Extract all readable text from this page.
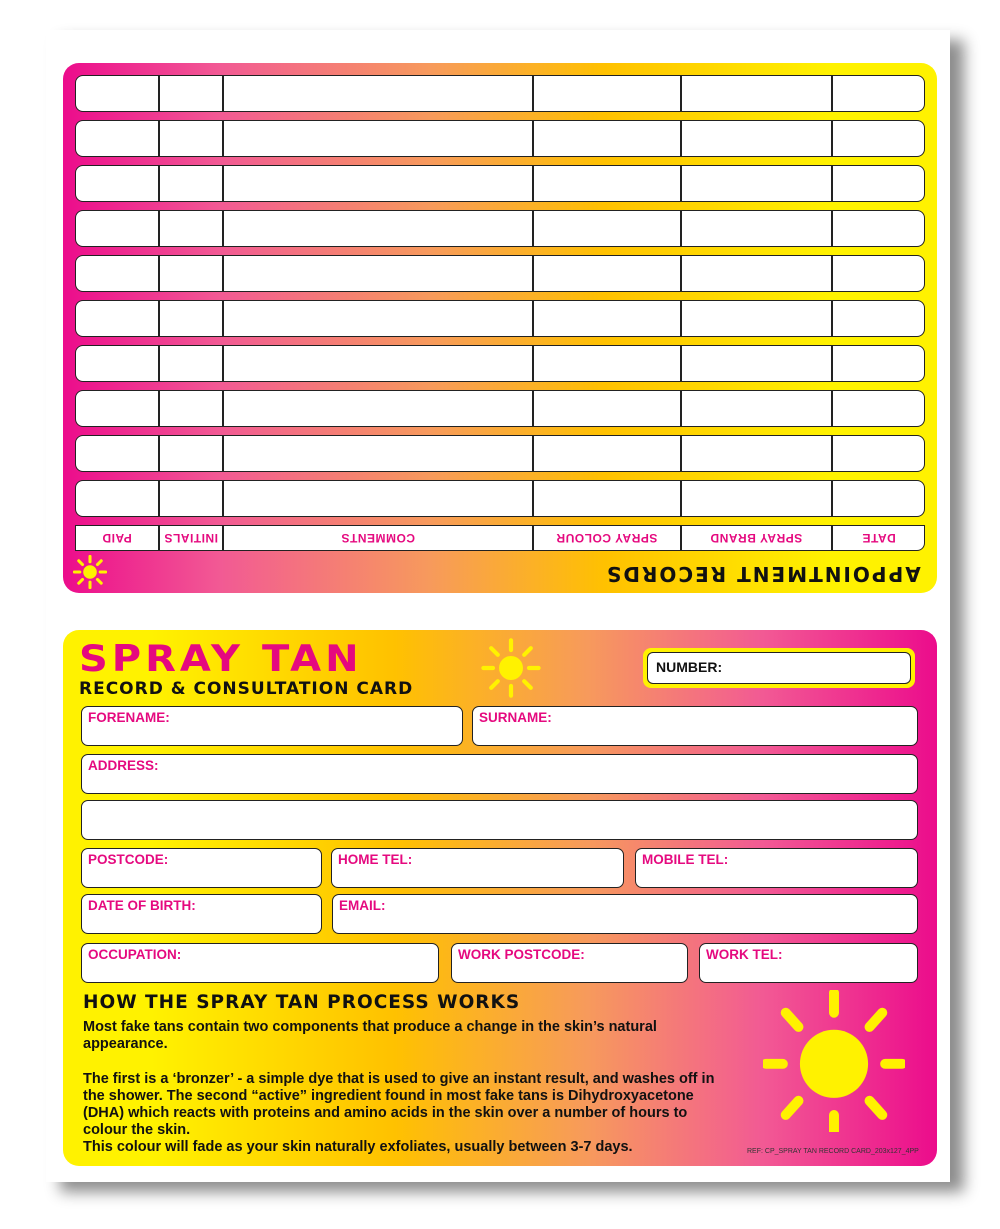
PAID	INITIALS	COMMENTS	SPRAY COLOUR	SPRAY BRAND	DATE
APPOINTMENT RECORDS
SPRAY TAN
RECORD & CONSULTATION CARD
NUMBER:
FORENAME:	SURNAME:
ADDRESS:
POSTCODE:	HOME TEL:	MOBILE TEL:
DATE OF BIRTH:	EMAIL:
OCCUPATION:	WORK POSTCODE:	WORK TEL:
HOW THE SPRAY TAN PROCESS WORKS
Most fake tans contain two components that produce a change in the skin’s natural appearance.
The first is a ‘bronzer’ - a simple dye that is used to give an instant result, and washes off in the shower. The second “active” ingredient found in most fake tans is Dihydroxyacetone (DHA) which reacts with proteins and amino acids in the skin over a number of hours to colour the skin.
This colour will fade as your skin naturally exfoliates, usually between 3-7 days.	REF: CP_SPRAY TAN RECORD CARD_203x127_4PP
